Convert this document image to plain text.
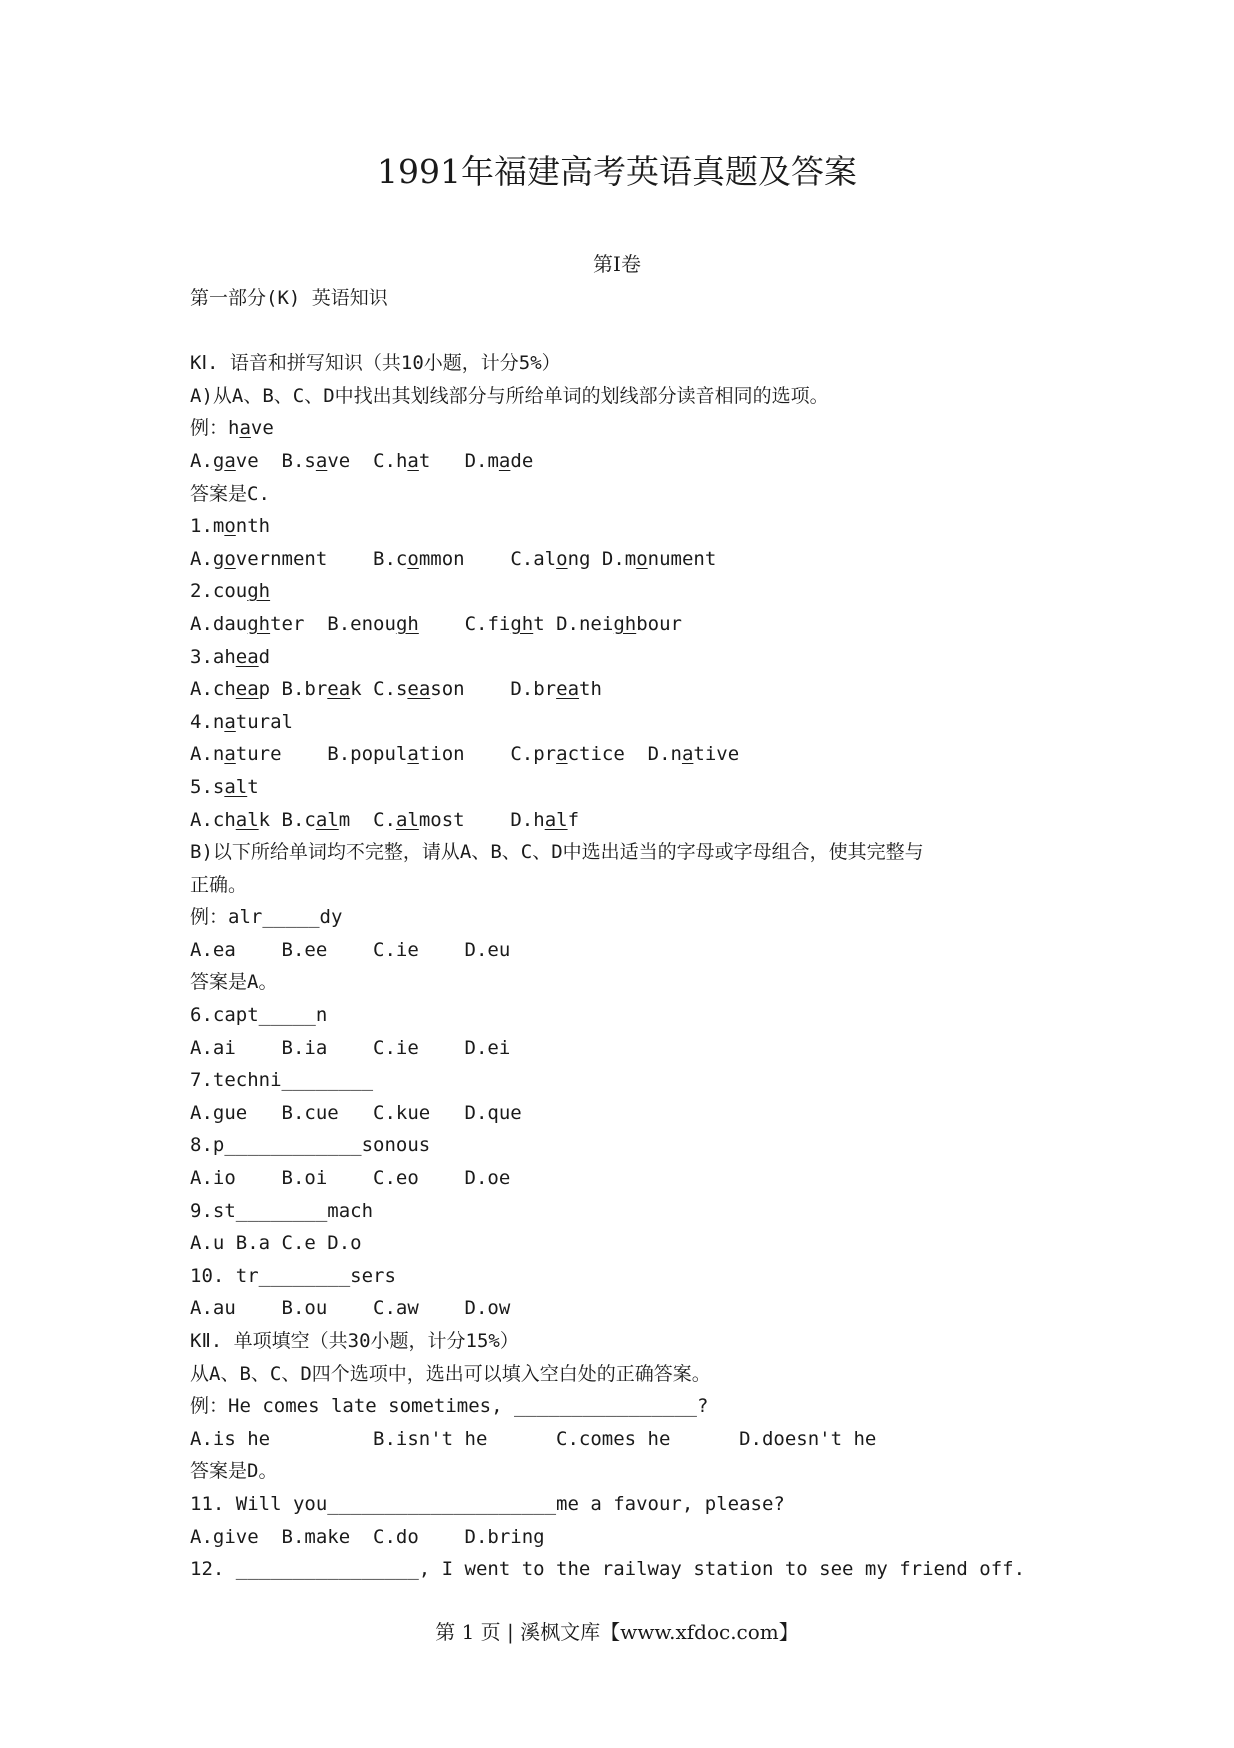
1991年福建高考英语真题及答案
第Ⅰ卷
第一部分(K) 英语知识
KⅠ. 语音和拼写知识（共10小题，计分5%）
A)从A、B、C、D中找出其划线部分与所给单词的划线部分读音相同的选项。
例：have
A.gave  B.save  C.hat   D.made
答案是C.
1.month
A.government    B.common    C.along D.monument
2.cough
A.daughter  B.enough    C.fight D.neighbour
3.ahead
A.cheap B.break C.season    D.breath
4.natural
A.nature    B.population    C.practice  D.native
5.salt
A.chalk B.calm  C.almost    D.half
B)以下所给单词均不完整，请从A、B、C、D中选出适当的字母或字母组合，使其完整与
正确。
例：alr_____dy
A.ea    B.ee    C.ie    D.eu
答案是A。
6.capt_____n
A.ai    B.ia    C.ie    D.ei
7.techni________
A.gue   B.cue   C.kue   D.que
8.p____________sonous
A.io    B.oi    C.eo    D.oe
9.st________mach
A.u B.a C.e D.o
10. tr________sers
A.au    B.ou    C.aw    D.ow
KⅡ. 单项填空（共30小题，计分15%）
从A、B、C、D四个选项中，选出可以填入空白处的正确答案。
例：He comes late sometimes, ________________?
A.is he         B.isn't he      C.comes he      D.doesn't he
答案是D。
11. Will you____________________me a favour, please?
A.give  B.make  C.do    D.bring
12. ________________, I went to the railway station to see my friend off.
第 1 页 | 溪枫文库【www.xfdoc.com】
